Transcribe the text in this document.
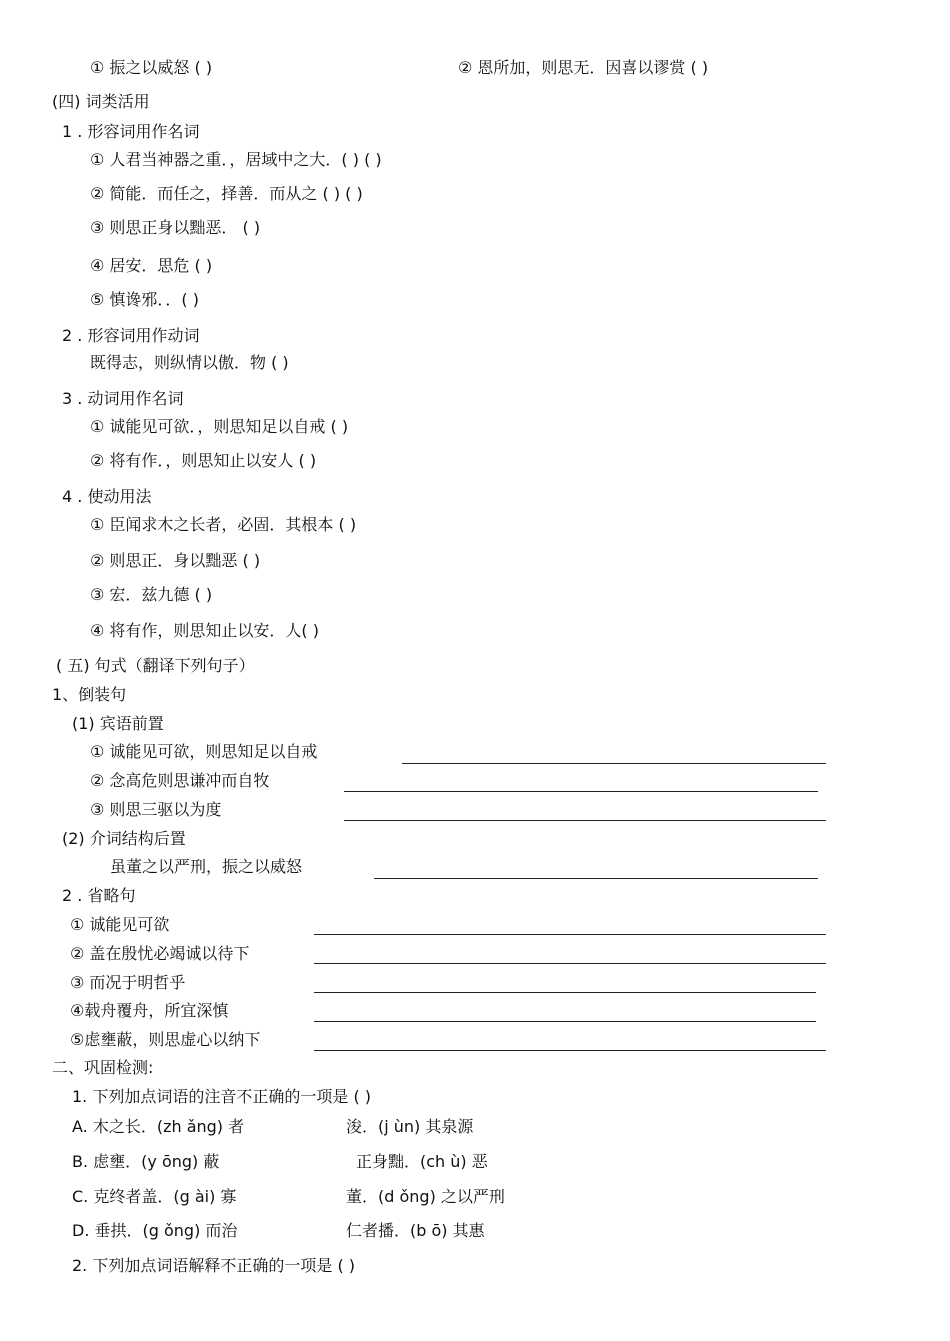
① 振之以威怒 ( )	② 恩所加，则思无．因喜以谬赏 ( )
(四) 词类活用
1 . 形容词用作名词
① 人君当神器之重．，居域中之大．( ) ( )
② 简能．而任之，择善．而从之 ( ) ( )
③ 则思正身以黜恶． ( )
④ 居安．思危 ( )
⑤ 慎谗邪．．( )
2 . 形容词用作动词
既得志，则纵情以傲．物 ( )
3 . 动词用作名词
① 诚能见可欲．，则思知足以自戒 ( )
② 将有作．，则思知止以安人 ( )
4 . 使动用法
① 臣闻求木之长者，必固．其根本 ( )
② 则思正．身以黜恶 ( )
③ 宏．兹九德 ( )
④ 将有作，则思知止以安．人( )
( 五) 句式（翻译下列句子）
1、倒装句
(1) 宾语前置
① 诚能见可欲，则思知足以自戒
② 念高危则思谦冲而自牧
③ 则思三驱以为度
(2) 介词结构后置
虽董之以严刑，振之以威怒
2 . 省略句
① 诚能见可欲
② 盖在殷忧必竭诚以待下
③ 而况于明哲乎
④载舟覆舟，所宜深慎
⑤虑壅蔽，则思虚心以纳下
二、巩固检测:
1. 下列加点词语的注音不正确的一项是 ( )
A. 木之长．(zh ǎng) 者	浚．(j ùn) 其泉源
B. 虑壅．(y ōng) 蔽	正身黜．(ch ù) 恶
C. 克终者盖．(g ài) 寡	董．(d ǒng) 之以严刑
D. 垂拱．(g ǒng) 而治	仁者播．(b ō) 其惠
2. 下列加点词语解释不正确的一项是 ( )
